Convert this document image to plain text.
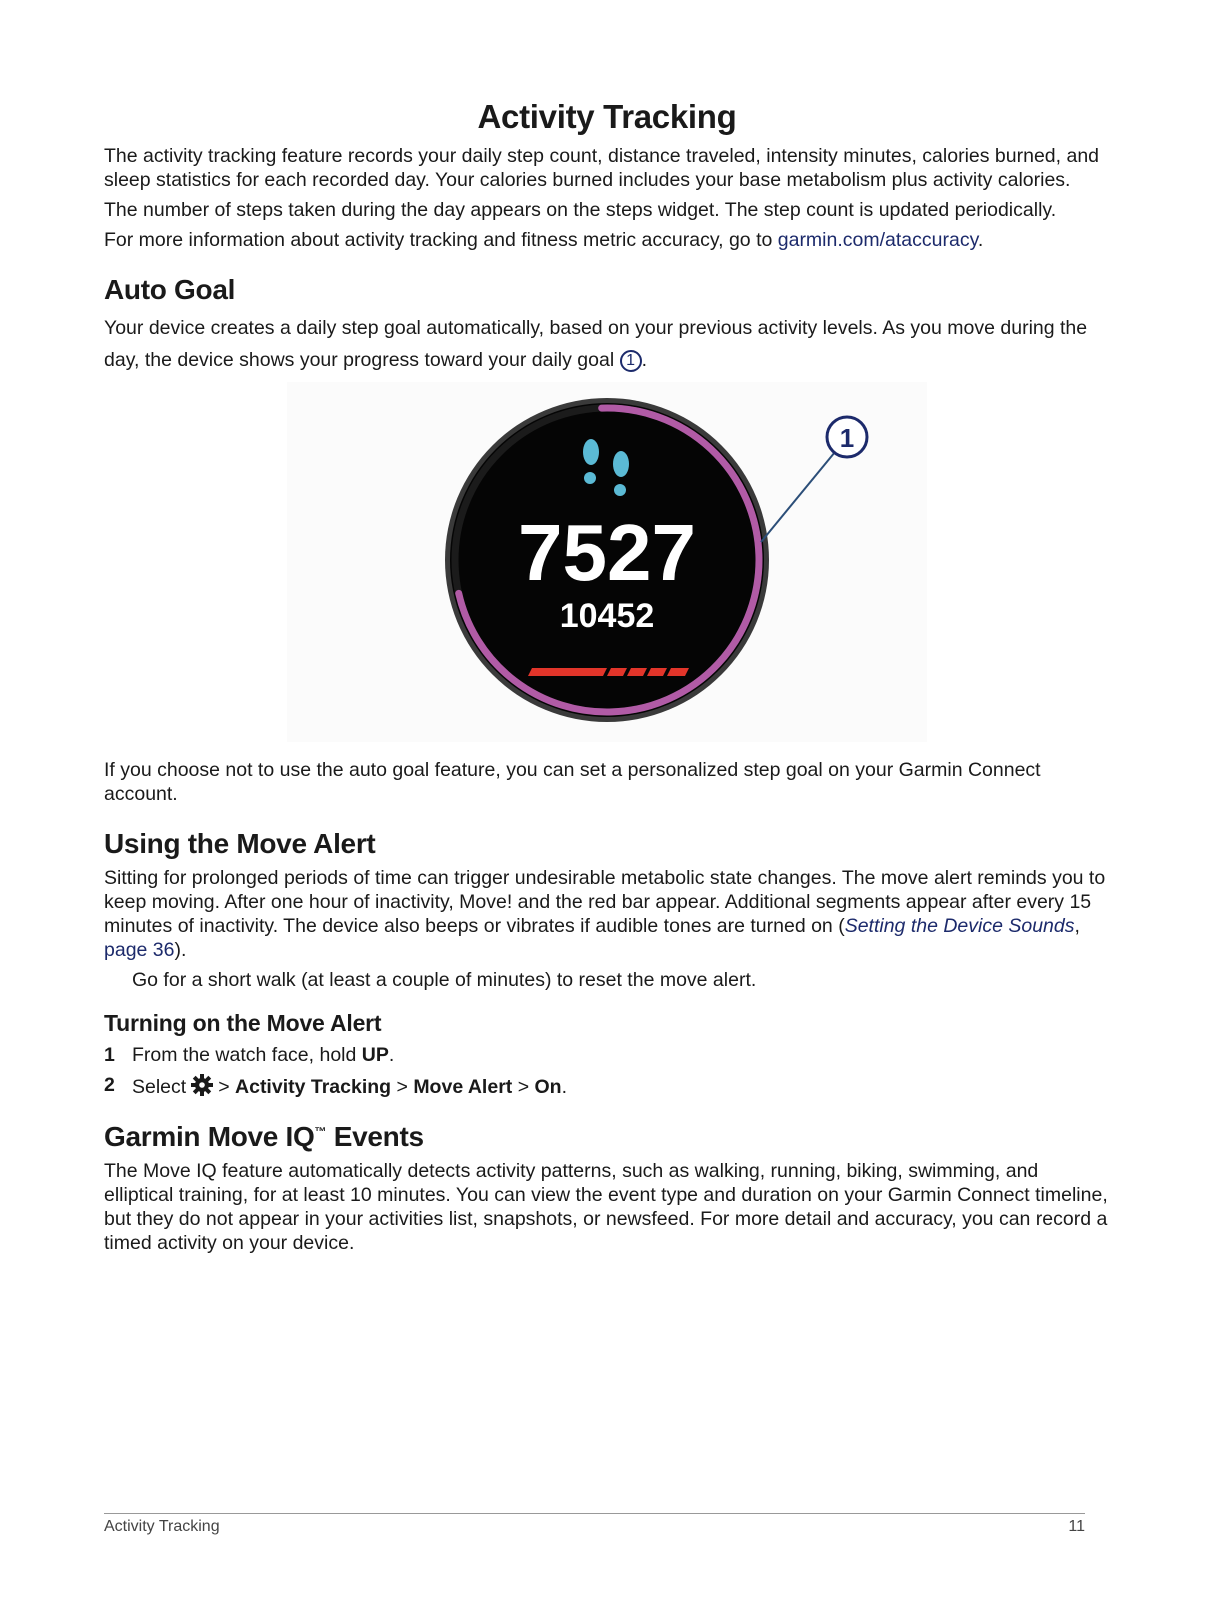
Activity Tracking

The activity tracking feature records your daily step count, distance traveled, intensity minutes, calories burned, and sleep statistics for each recorded day. Your calories burned includes your base metabolism plus activity calories.

The number of steps taken during the day appears on the steps widget. The step count is updated periodically.

For more information about activity tracking and fitness metric accuracy, go to garmin.com/ataccuracy.

Auto Goal

Your device creates a daily step goal automatically, based on your previous activity levels. As you move during the day, the device shows your progress toward your daily goal 1 .

7527
10452
1

If you choose not to use the auto goal feature, you can set a personalized step goal on your Garmin Connect account.

Using the Move Alert

Sitting for prolonged periods of time can trigger undesirable metabolic state changes. The move alert reminds you to keep moving. After one hour of inactivity, Move! and the red bar appear. Additional segments appear after every 15 minutes of inactivity. The device also beeps or vibrates if audible tones are turned on (Setting the Device Sounds, page 36).

Go for a short walk (at least a couple of minutes) to reset the move alert.

Turning on the Move Alert
1 From the watch face, hold UP.
2 Select > Activity Tracking > Move Alert > On.
Garmin Move IQ™ Events

The Move IQ feature automatically detects activity patterns, such as walking, running, biking, swimming, and elliptical training, for at least 10 minutes. You can view the event type and duration on your Garmin Connect timeline, but they do not appear in your activities list, snapshots, or newsfeed. For more detail and accuracy, you can record a timed activity on your device.

Activity Tracking	11
